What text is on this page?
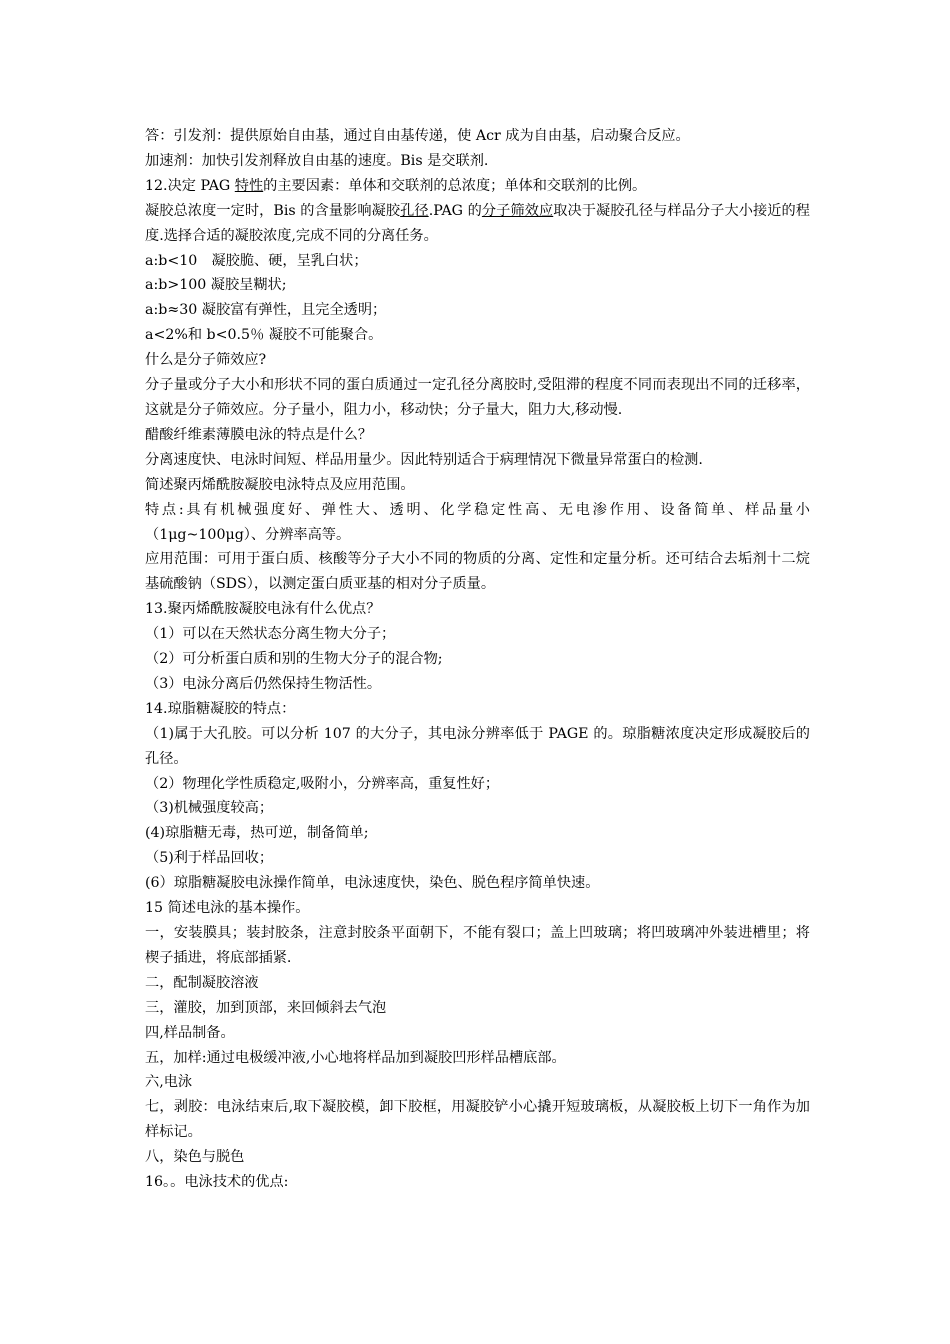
答：引发剂：提供原始自由基，通过自由基传递，使 Acr 成为自由基，启动聚合反应。

加速剂：加快引发剂释放自由基的速度。Bis 是交联剂.

12.决定 PAG 特性的主要因素：单体和交联剂的总浓度；单体和交联剂的比例。

凝胶总浓度一定时，Bis 的含量影响凝胶孔径.PAG 的分子筛效应取决于凝胶孔径与样品分子大小接近的程度.选择合适的凝胶浓度,完成不同的分离任务。

a:b<10　凝胶脆、硬，呈乳白状；

a:b>100 凝胶呈糊状;

a:b≈30 凝胶富有弹性，且完全透明；

a<2%和 b<0.5％ 凝胶不可能聚合。

什么是分子筛效应?

分子量或分子大小和形状不同的蛋白质通过一定孔径分离胶时,受阻滞的程度不同而表现出不同的迁移率，这就是分子筛效应。分子量小，阻力小，移动快；分子量大，阻力大,移动慢.

醋酸纤维素薄膜电泳的特点是什么？

分离速度快、电泳时间短、样品用量少。因此特别适合于病理情况下微量异常蛋白的检测.

简述聚丙烯酰胺凝胶电泳特点及应用范围。

特点:具有机械强度好、弹性大、透明、化学稳定性高、无电渗作用、设备简单、样品量小（1μg~100μg）、分辨率高等。

应用范围：可用于蛋白质、核酸等分子大小不同的物质的分离、定性和定量分析。还可结合去垢剂十二烷基硫酸钠（SDS），以测定蛋白质亚基的相对分子质量。

13.聚丙烯酰胺凝胶电泳有什么优点？

（1）可以在天然状态分离生物大分子；

（2）可分析蛋白质和别的生物大分子的混合物;

（3）电泳分离后仍然保持生物活性。

14.琼脂糖凝胶的特点：

（1)属于大孔胶。可以分析 107 的大分子，其电泳分辨率低于 PAGE 的。琼脂糖浓度决定形成凝胶后的孔径。

（2）物理化学性质稳定,吸附小，分辨率高，重复性好；

（3)机械强度较高；

(4)琼脂糖无毒，热可逆，制备简单;

（5)利于样品回收；

(6）琼脂糖凝胶电泳操作简单，电泳速度快，染色、脱色程序简单快速。

15 简述电泳的基本操作。

一，安装膜具；装封胶条，注意封胶条平面朝下，不能有裂口；盖上凹玻璃；将凹玻璃冲外装进槽里；将楔子插进，将底部插紧.

二，配制凝胶溶液

三，灌胶，加到顶部，来回倾斜去气泡

四,样品制备。

五，加样:通过电极缓冲液,小心地将样品加到凝胶凹形样品槽底部。

六,电泳

七，剥胶：电泳结束后,取下凝胶模，卸下胶框，用凝胶铲小心撬开短玻璃板，从凝胶板上切下一角作为加样标记。

八，染色与脱色

16。。电泳技术的优点:
